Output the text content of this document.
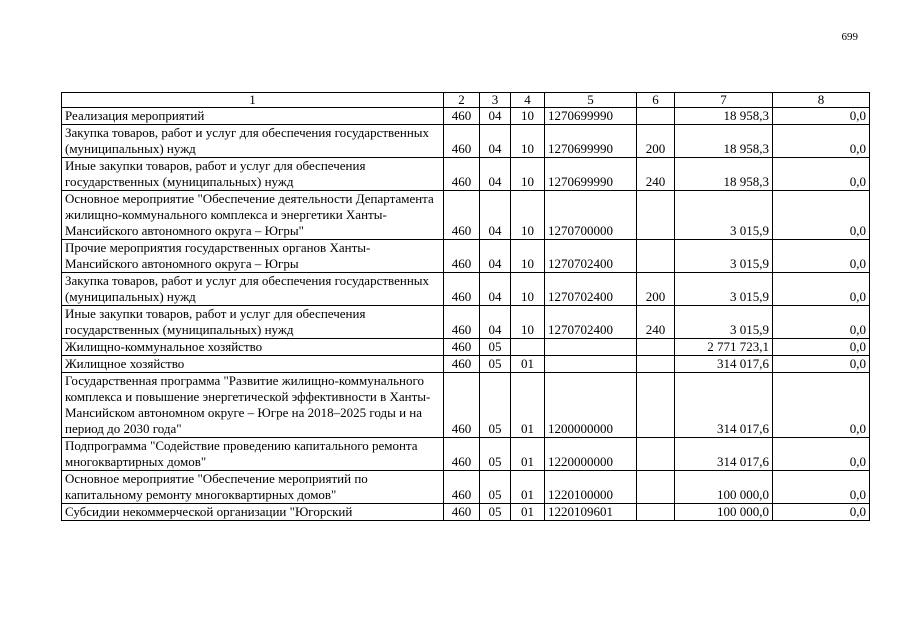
699
1	2	3	4	5	6	7	8
Реализация мероприятий	460	04	10	1270699990		18 958,3	0,0
Закупка товаров, работ и услуг для обеспечения государственных (муниципальных) нужд	460	04	10	1270699990	200	18 958,3	0,0
Иные закупки товаров, работ и услуг для обеспечения государственных (муниципальных) нужд	460	04	10	1270699990	240	18 958,3	0,0
Основное мероприятие "Обеспечение деятельности Департамента жилищно-коммунального комплекса и энергетики Ханты-Мансийского автономного округа – Югры"	460	04	10	1270700000		3 015,9	0,0
Прочие мероприятия государственных органов Ханты-Мансийского автономного округа – Югры	460	04	10	1270702400		3 015,9	0,0
Закупка товаров, работ и услуг для обеспечения государственных (муниципальных) нужд	460	04	10	1270702400	200	3 015,9	0,0
Иные закупки товаров, работ и услуг для обеспечения государственных (муниципальных) нужд	460	04	10	1270702400	240	3 015,9	0,0
Жилищно-коммунальное хозяйство	460	05				2 771 723,1	0,0
Жилищное хозяйство	460	05	01			314 017,6	0,0
Государственная программа "Развитие жилищно-коммунального комплекса и повышение энергетической эффективности в Ханты-Мансийском автономном округе – Югре на 2018–2025 годы и на период до 2030 года"	460	05	01	1200000000		314 017,6	0,0
Подпрограмма "Содействие проведению капитального ремонта многоквартирных домов"	460	05	01	1220000000		314 017,6	0,0
Основное мероприятие "Обеспечение мероприятий по капитальному ремонту многоквартирных домов"	460	05	01	1220100000		100 000,0	0,0
Субсидии некоммерческой организации "Югорский	460	05	01	1220109601		100 000,0	0,0
